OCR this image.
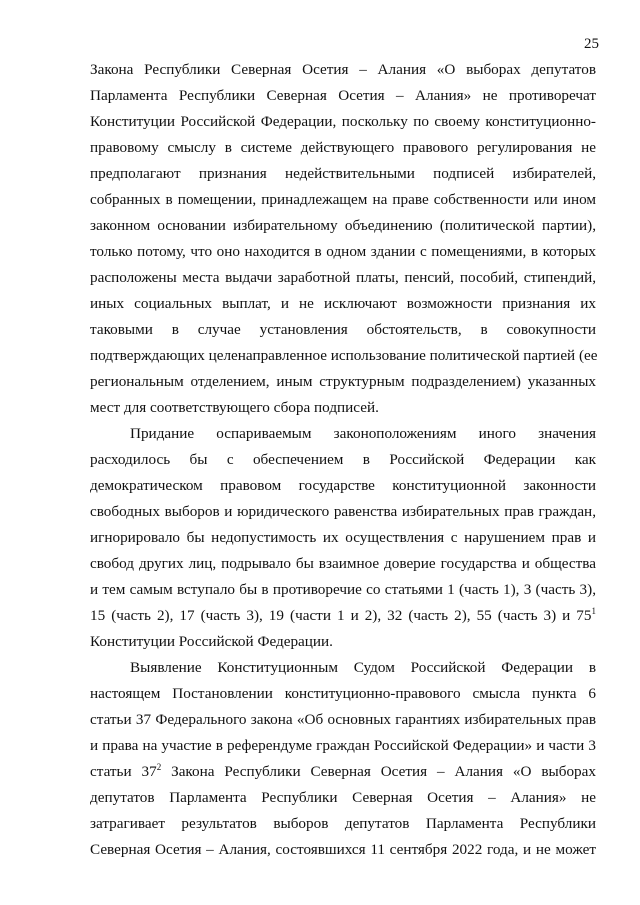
25
Закона Республики Северная Осетия – Алания «О выборах депутатов
Парламента Республики Северная Осетия – Алания» не противоречат
Конституции Российской Федерации, поскольку по своему конституционно-
правовому смыслу в системе действующего правового регулирования не
предполагают признания недействительными подписей избирателей,
собранных в помещении, принадлежащем на праве собственности или ином
законном основании избирательному объединению (политической партии),
только потому, что оно находится в одном здании с помещениями, в которых
расположены места выдачи заработной платы, пенсий, пособий, стипендий,
иных социальных выплат, и не исключают возможности признания их
таковыми в случае установления обстоятельств, в совокупности
подтверждающих целенаправленное использование политической партией (ее
региональным отделением, иным структурным подразделением) указанных
мест для соответствующего сбора подписей.
Придание оспариваемым законоположениям иного значения
расходилось бы с обеспечением в Российской Федерации как
демократическом правовом государстве конституционной законности
свободных выборов и юридического равенства избирательных прав граждан,
игнорировало бы недопустимость их осуществления с нарушением прав и
свобод других лиц, подрывало бы взаимное доверие государства и общества
и тем самым вступало бы в противоречие со статьями 1 (часть 1), 3 (часть 3),
15 (часть 2), 17 (часть 3), 19 (части 1 и 2), 32 (часть 2), 55 (часть 3) и $75^1$
Конституции Российской Федерации.
Выявление Конституционным Судом Российской Федерации в
настоящем Постановлении конституционно-правового смысла пункта 6
статьи 37 Федерального закона «Об основных гарантиях избирательных прав
и права на участие в референдуме граждан Российской Федерации» и части 3
статьи $37^2$ Закона Республики Северная Осетия – Алания «О выборах
депутатов Парламента Республики Северная Осетия – Алания» не
затрагивает результатов выборов депутатов Парламента Республики
Северная Осетия – Алания, состоявшихся 11 сентября 2022 года, и не может
